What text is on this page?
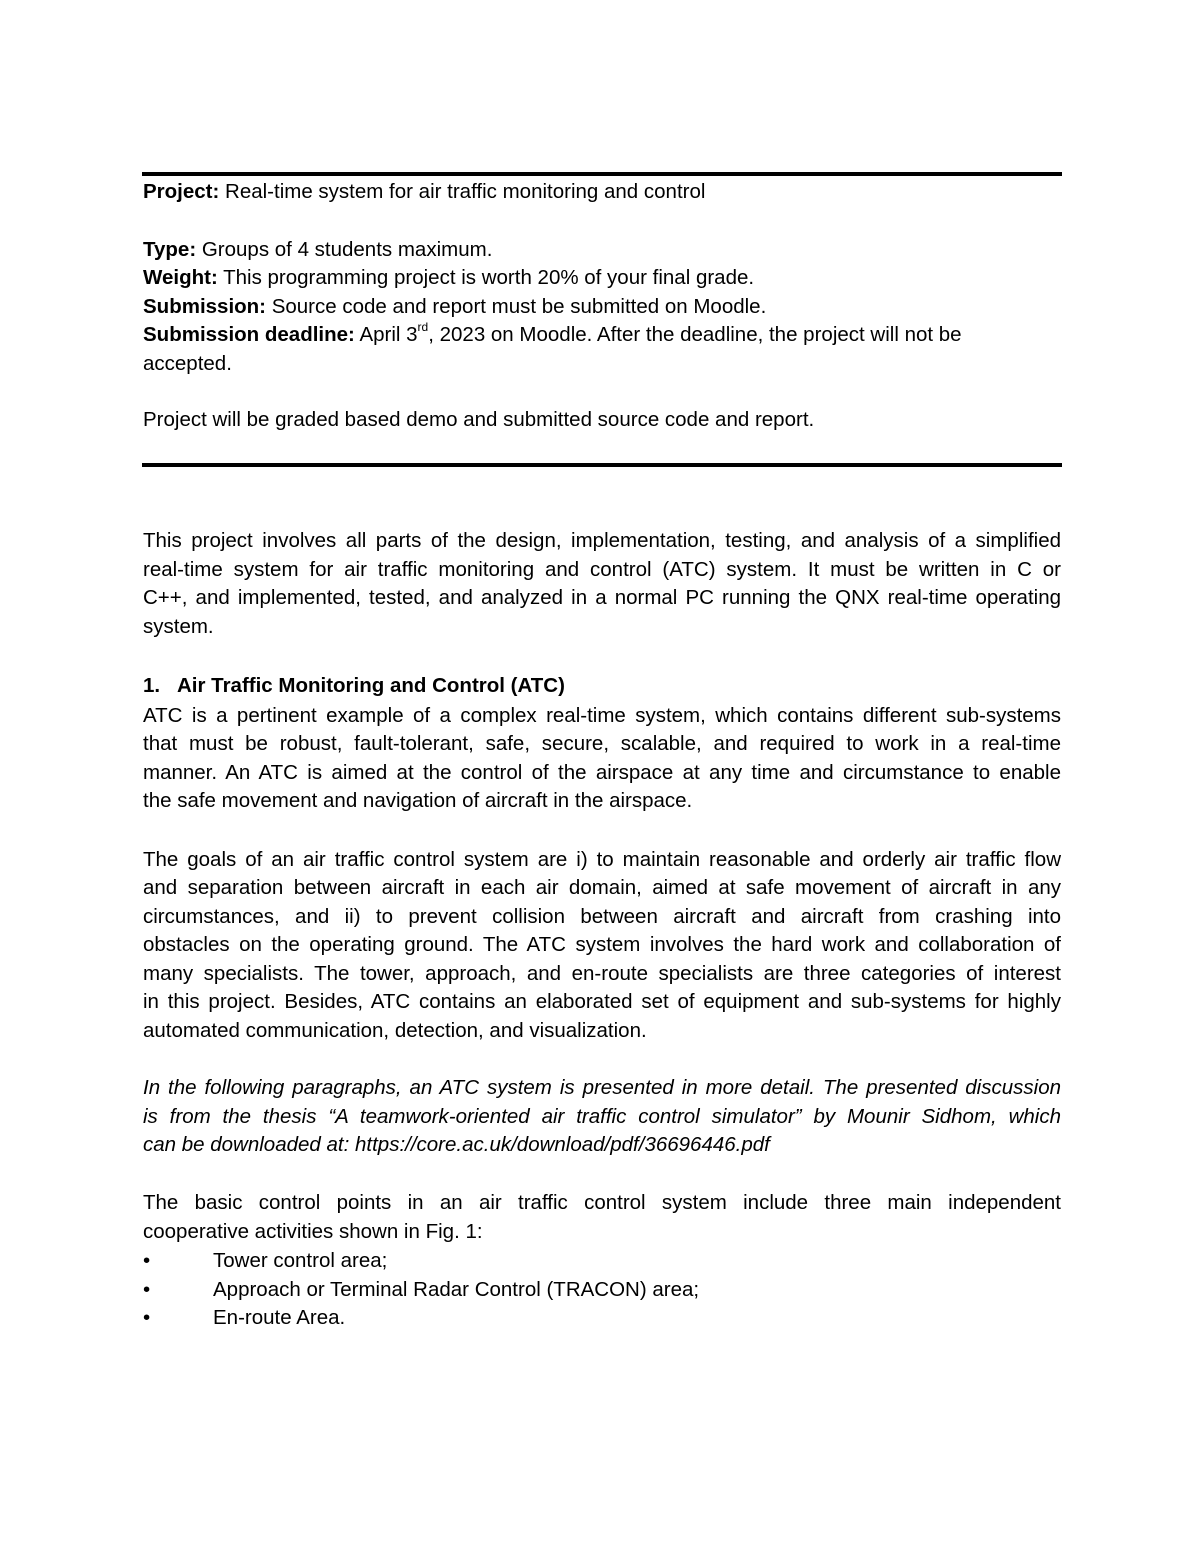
Project: Real-time system for air traffic monitoring and control
Type: Groups of 4 students maximum.
Weight: This programming project is worth 20% of your final grade.
Submission: Source code and report must be submitted on Moodle.
Submission deadline: April 3rd, 2023 on Moodle. After the deadline, the project will not be
accepted.
Project will be graded based demo and submitted source code and report.
This project involves all parts of the design, implementation, testing, and analysis of a simplified
real-time system for air traffic monitoring and control (ATC) system. It must be written in C or
C++, and implemented, tested, and analyzed in a normal PC running the QNX real-time operating
system.
1. Air Traffic Monitoring and Control (ATC)
ATC is a pertinent example of a complex real-time system, which contains different sub-systems
that must be robust, fault-tolerant, safe, secure, scalable, and required to work in a real-time
manner. An ATC is aimed at the control of the airspace at any time and circumstance to enable
the safe movement and navigation of aircraft in the airspace.
The goals of an air traffic control system are i) to maintain reasonable and orderly air traffic flow
and separation between aircraft in each air domain, aimed at safe movement of aircraft in any
circumstances, and ii) to prevent collision between aircraft and aircraft from crashing into
obstacles on the operating ground. The ATC system involves the hard work and collaboration of
many specialists. The tower, approach, and en-route specialists are three categories of interest
in this project. Besides, ATC contains an elaborated set of equipment and sub-systems for highly
automated communication, detection, and visualization.
In the following paragraphs, an ATC system is presented in more detail. The presented discussion
is from the thesis “A teamwork-oriented air traffic control simulator” by Mounir Sidhom, which
can be downloaded at: https://core.ac.uk/download/pdf/36696446.pdf
The basic control points in an air traffic control system include three main independent
cooperative activities shown in Fig. 1:
•	Tower control area;
•	Approach or Terminal Radar Control (TRACON) area;
•	En-route Area.
